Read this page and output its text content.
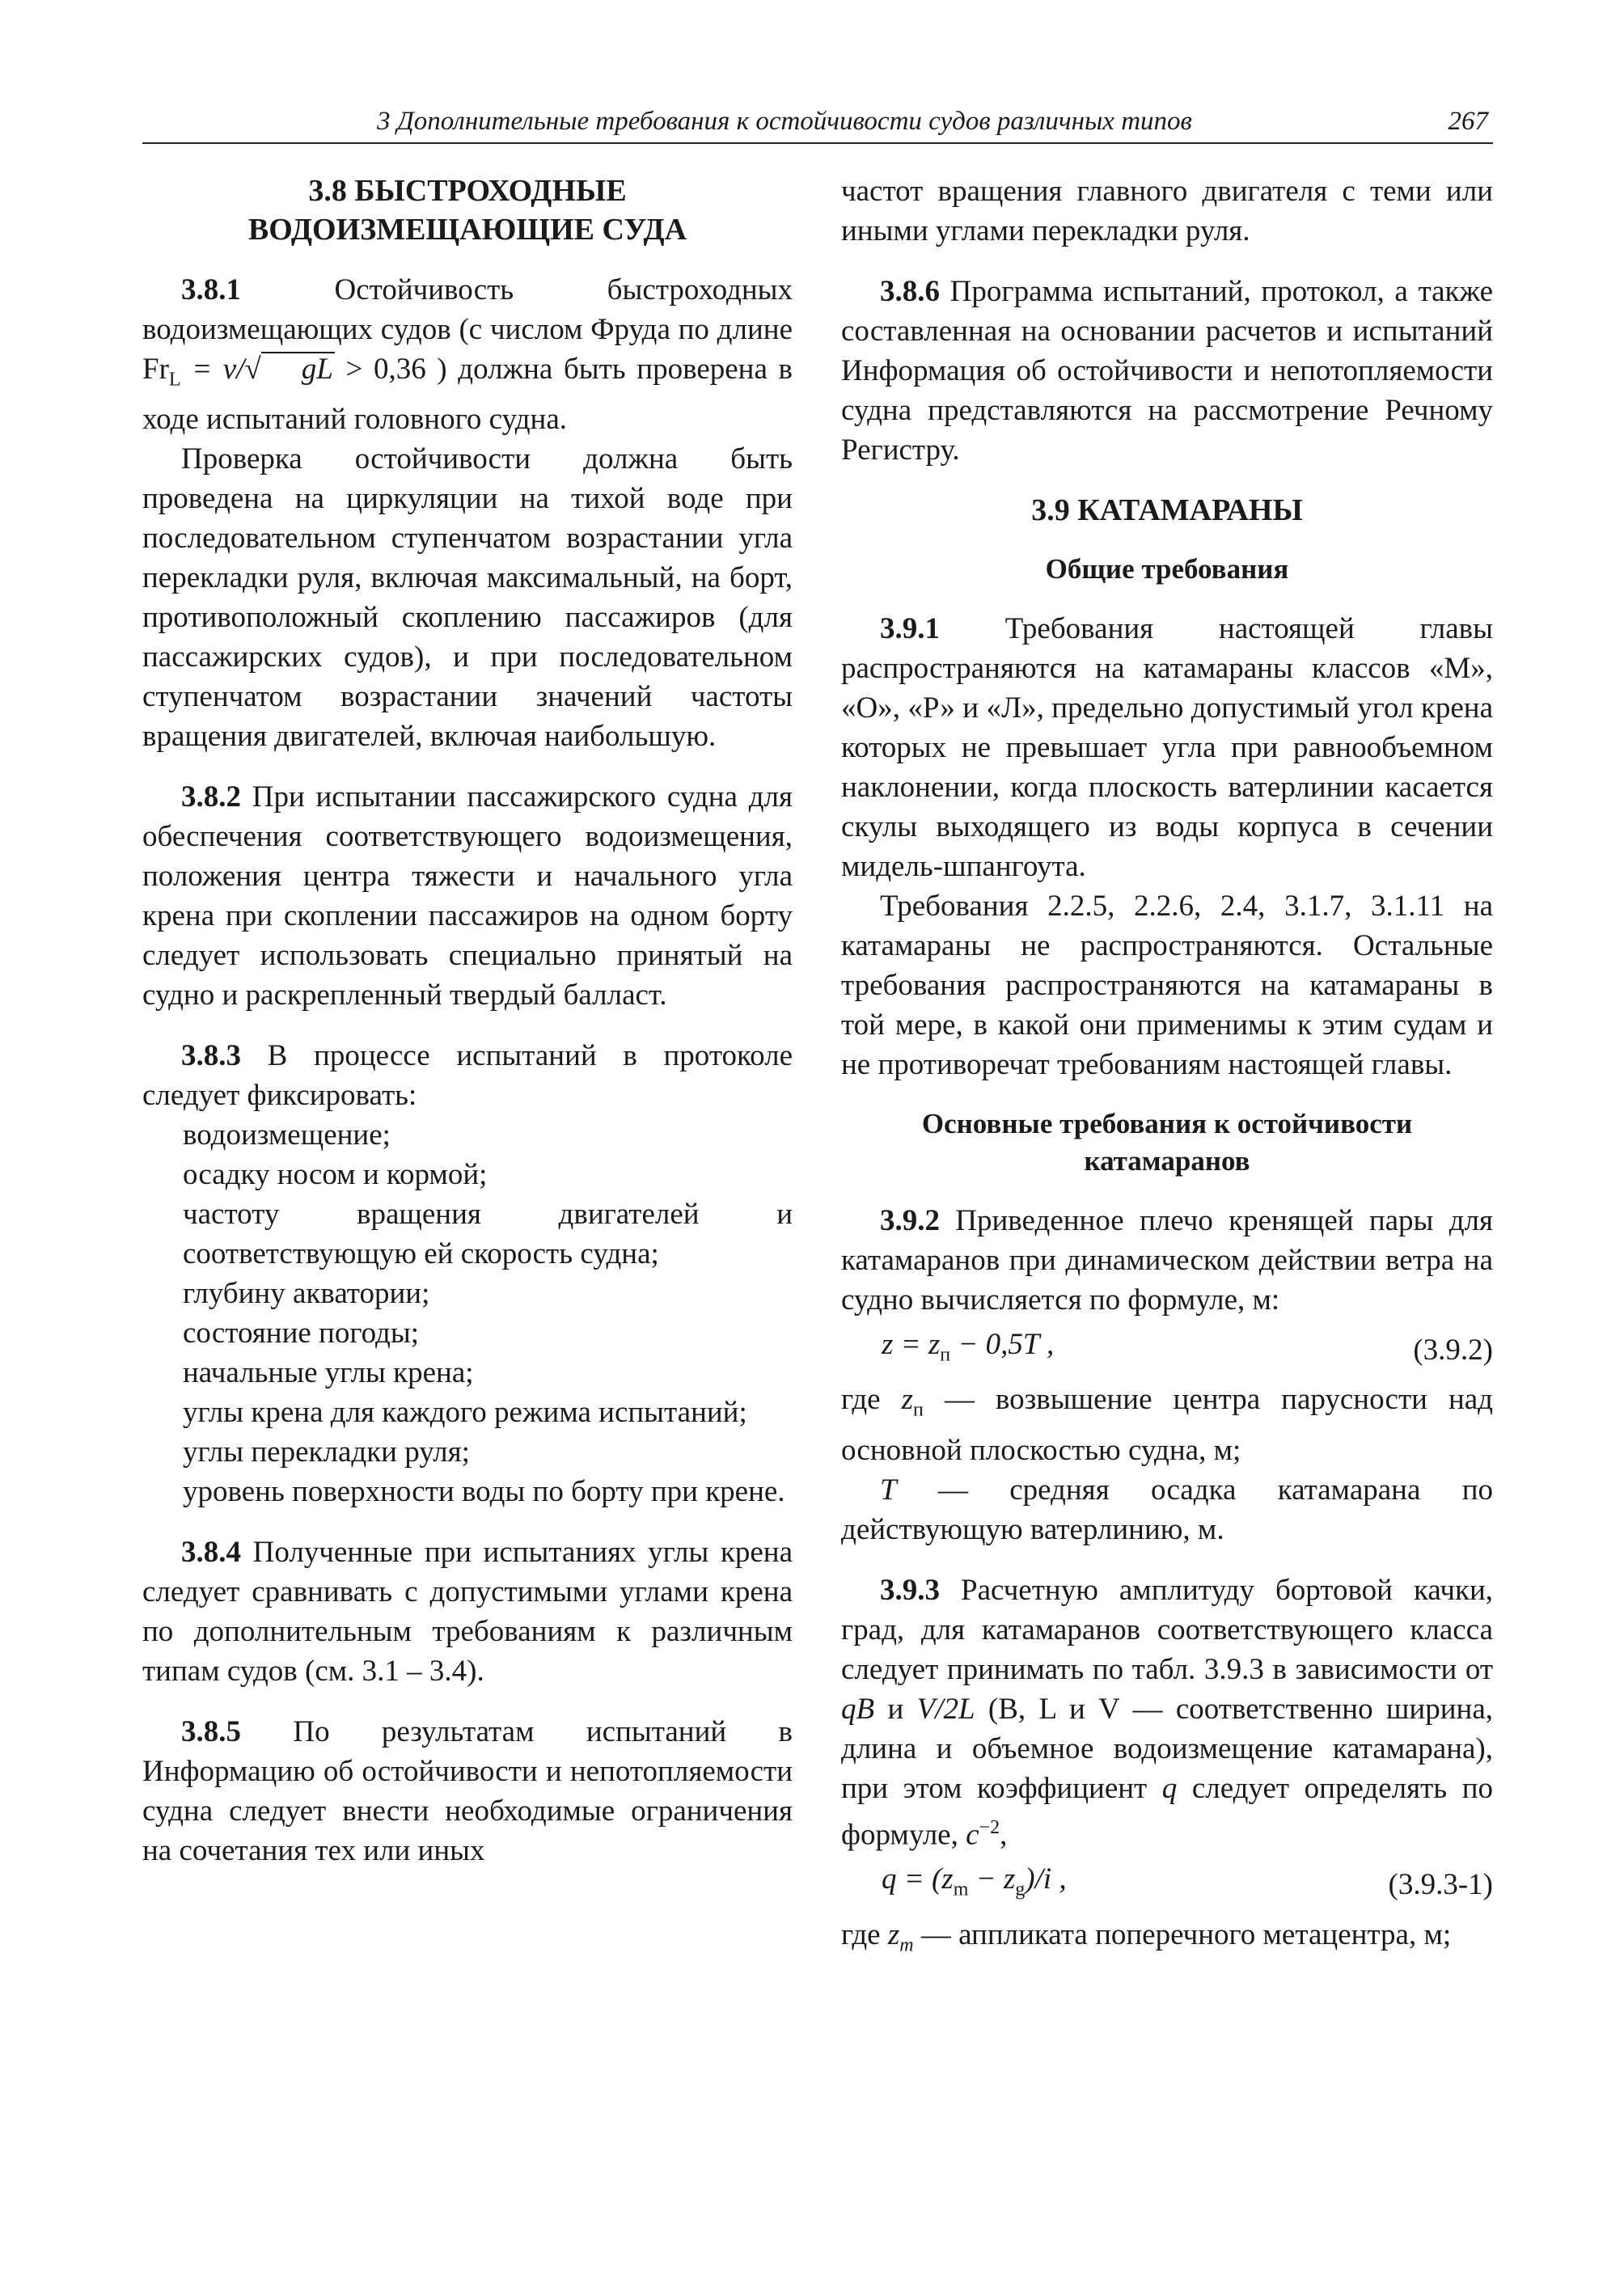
3 Дополнительные требования к остойчивости судов различных типов	267
3.8 БЫСТРОХОДНЫЕ
ВОДОИЗМЕЩАЮЩИЕ СУДА

3.8.1	Остойчивость быстроходных водоизмещающих судов (с числом Фруда по длине $Fr_L = v/√$ gL > 0,36 ) должна быть проверена в ходе испытаний головного судна.

Проверка остойчивости должна быть проведена на циркуляции на тихой воде при последовательном ступенчатом возрастании угла перекладки руля, включая максимальный, на борт, противоположный скоплению пассажиров (для пассажирских судов), и при последовательном ступенчатом возрастании значений частоты вращения двигателей, включая наибольшую.

3.8.2 При испытании пассажирского судна для обеспечения соответствующего водоизмещения, положения центра тяжести и начального угла крена при скоплении пассажиров на одном борту следует использовать специально принятый на судно и раскрепленный твердый балласт.

3.8.3 В процессе испытаний в протоколе следует фиксировать:

водоизмещение;

осадку носом и кормой;

частоту вращения двигателей и соответствующую ей скорость судна;

глубину акватории;

состояние погоды;

начальные углы крена;

углы крена для каждого режима испытаний;

углы перекладки руля;

уровень поверхности воды по борту при крене.

3.8.4 Полученные при испытаниях углы крена следует сравнивать с допустимыми углами крена по дополнительным требованиям к различным типам судов (см. 3.1 – 3.4).

3.8.5 По результатам испытаний в Информацию об остойчивости и непотопляемости судна следует внести необходимые ограничения на сочетания тех или иных

частот вращения главного двигателя с теми или иными углами перекладки руля.

3.8.6 Программа испытаний, протокол, а также составленная на основании расчетов и испытаний Информация об остойчивости и непотопляемости судна представляются на рассмотрение Речному Регистру.

3.9 КАТАМАРАНЫ
Общие требования

3.9.1 Требования настоящей главы распространяются на катамараны классов «М», «О», «Р» и «Л», предельно допустимый угол крена которых не превышает угла при равнообъемном наклонении, когда плоскость ватерлинии касается скулы выходящего из воды корпуса в сечении мидель-шпангоута.

Требования 2.2.5, 2.2.6, 2.4, 3.1.7, 3.1.11 на катамараны не распространяются. Остальные требования распространяются на катамараны в той мере, в какой они применимы к этим судам и не противоречат требованиям настоящей главы.

Основные требования к остойчивости
катамаранов

3.9.2 Приведенное плечо кренящей пары для катамаранов при динамическом действии ветра на судно вычисляется по формуле, м:

$z = z_п - 0,5T$ ,	(3.9.2)

где $z_п$ — возвышение центра парусности над основной плоскостью судна, м;

T — средняя осадка катамарана по действующую ватерлинию, м.

3.9.3 Расчетную амплитуду бортовой качки, град, для катамаранов соответствующего класса следует принимать по табл. 3.9.3 в зависимости от qB и V/2L (B, L и V — соответственно ширина, длина и объемное водоизмещение катамарана), при этом коэффициент q следует определять по формуле, $c^{-2}$,

$q = (z_m - z_g)/i$ ,	(3.9.3-1)

где $z_m$ — аппликата поперечного метацентра, м;
